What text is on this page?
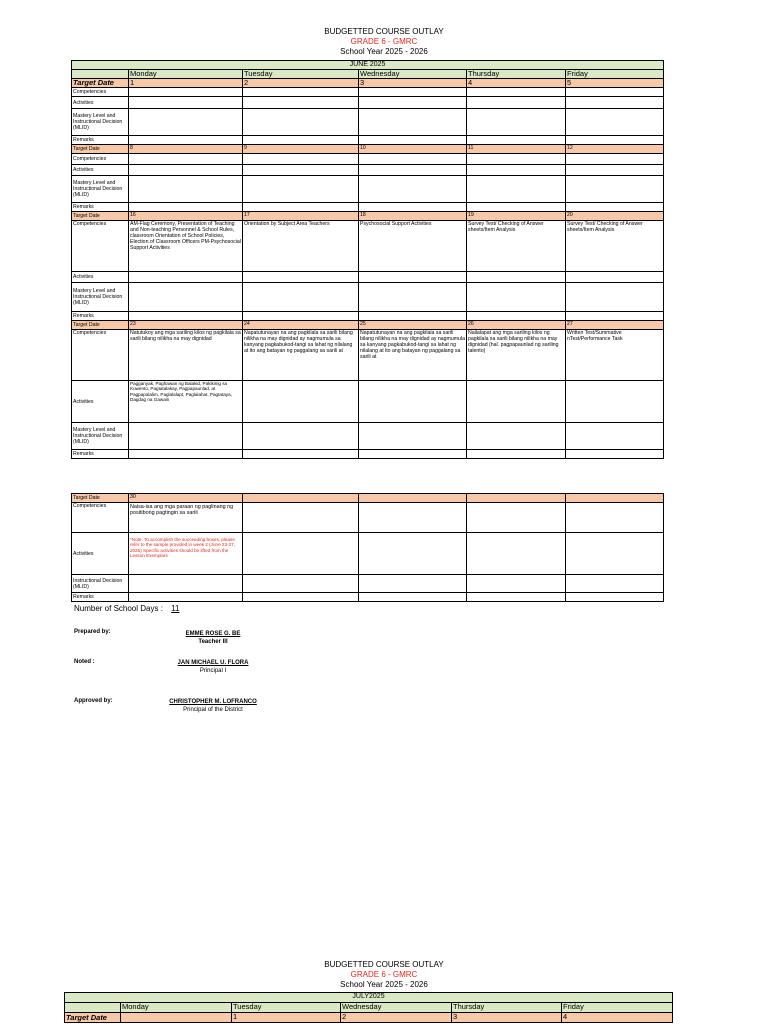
BUDGETTED COURSE OUTLAY
GRADE 6 - GMRC
School Year 2025 - 2026
JUNE 2025					
	Monday	Tuesday	Wednesday	Thursday	Friday
Target Date	1	2	3	4	5
Competencies					
Activities					
Mastery Level and Instructional Decision (MLID)					
Remarks					
Target Date	8	9	10	11	12
Competencies					
Activities					
Mastery Level and Instructional Decision (MLID)					
Remarks					
Target Date	16	17	18	19	20
Competencies	AM-Flag Ceremony, Presentation of Teaching and Non-teaching Personnel & School Rules, classroom Orientation of School Policies, Election of Classroom Officers PM-Psychosocial Support Activities	Orientation by Subject Area Teachers	Psychosocial Support Activities	Survey Test/ Checking of Answer sheets/Item Analysis	Survey Test/ Checking of Answer sheets/Item Analysis
Activities					
Mastery Level and Instructional Decision (MLID)					
Remarks					
Target Date	23	24	25	26	27
Competencies	Natutukoy ang mga sariling kilos ng pagkilala sa sarili bilang nilikha na may dignidad	Napatutunayan na ang pagkilala sa sarili bilang nilikha na may dignidad ay nagmumula sa kanyang pagkabukod-tangi sa lahat ng nilalang at ito ang batayan ng paggalang sa sarili at	Napatutunayan na ang pagkilala sa sarili bilang nilikha na may dignidad ay nagmumula sa kanyang pagkabukod-tangi sa lahat ng nilalang at ito ang batayan ng paggalang sa sarili at	Nailalapat ang mga sariling kilos ng pagkilala sa sarili bilang nilikha na may dignidad (hal. pagpapaunlad ng sariling talento)	Written Test/Summative nTest/Performance Task
Activities	Pagganyak, Paghawan ng Balakid, Pakikinig sa Kuwento, Pagtatalakay, Pagpapaunlad, at Pagpapalalim, Paglalalapt, Paglalahat, Pagtataya, Dagdag na Gawain				
Mastery Level and Instructional Decision (MLID)					
Remarks					
Target Date	30				
Competencies	Naisa-isa ang mga paraan ng paglinang ng positibong pagtingin sa sarili				
Activities	*Note: To accomplish the succeeding boxes, please refer to the sample provided in week 2 (June 23-27, 2025) Specific activities should be lifted from the Lesson Exemplars				
Instructional Decision (MLID)					
Remarks					
Number of School Days : 11
Prepared by:	EMME ROSE G. BE
Teacher III
Noted :	JAN MICHAEL U. FLORA
Principal I
Approved by:	CHRISTOPHER M. LOFRANCO
Principal of the District
BUDGETTED COURSE OUTLAY
GRADE 6 - GMRC
School Year 2025 - 2026
JULY2025					
	Monday	Tuesday	Wednesday	Thursday	Friday
Target Date		1	2	3	4
